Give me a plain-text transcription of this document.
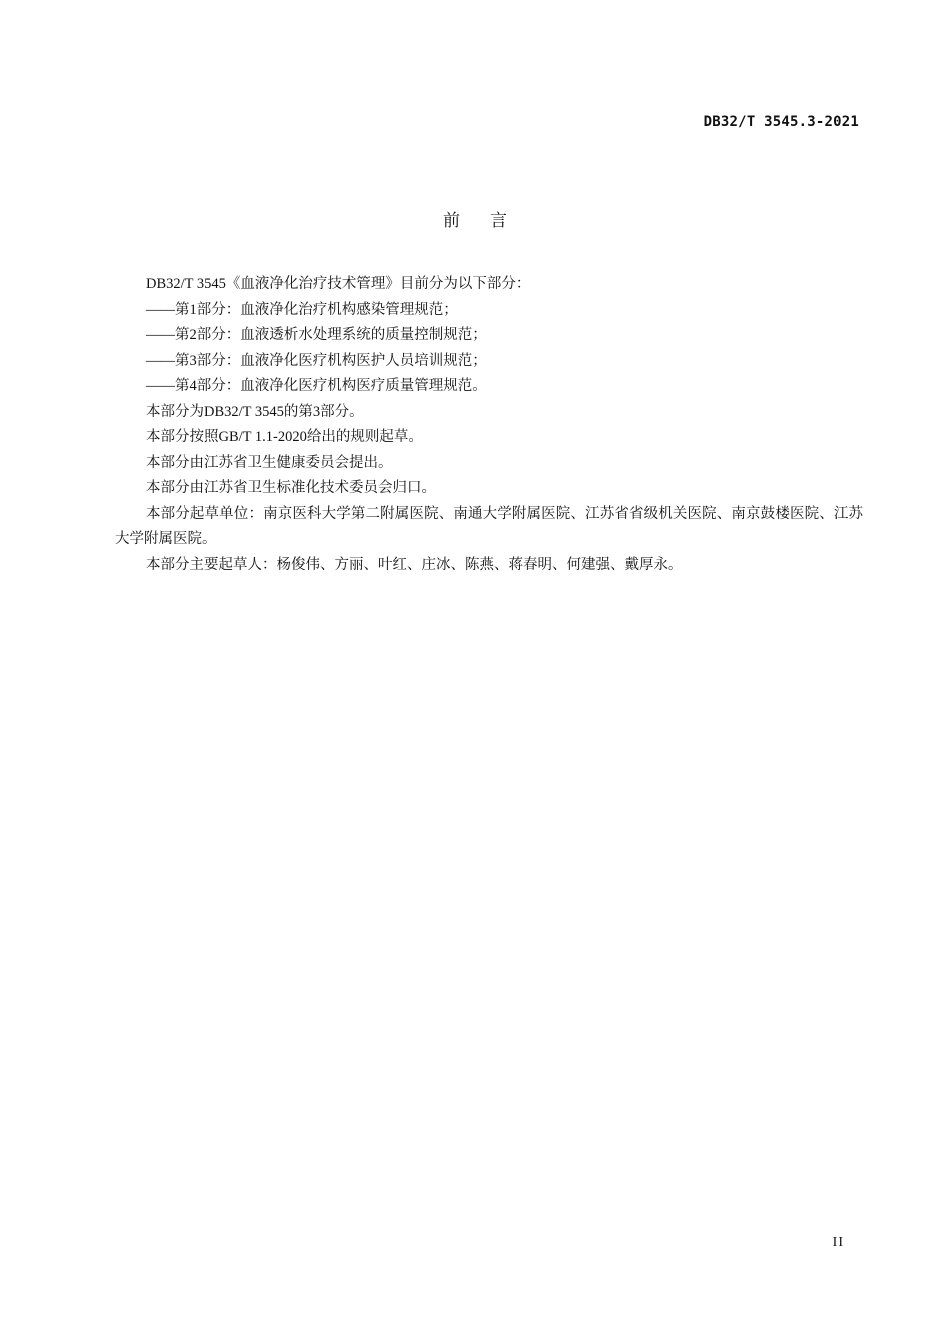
DB32/T 3545.3-2021
前言

DB32/T 3545《血液净化治疗技术管理》目前分为以下部分：

——第1部分：血液净化治疗机构感染管理规范；

——第2部分：血液透析水处理系统的质量控制规范；

——第3部分：血液净化医疗机构医护人员培训规范；

——第4部分：血液净化医疗机构医疗质量管理规范。

本部分为DB32/T 3545的第3部分。

本部分按照GB/T 1.1-2020给出的规则起草。

本部分由江苏省卫生健康委员会提出。

本部分由江苏省卫生标准化技术委员会归口。

本部分起草单位：南京医科大学第二附属医院、南通大学附属医院、江苏省省级机关医院、南京鼓楼医院、江苏大学附属医院。

本部分主要起草人：杨俊伟、方丽、叶红、庄冰、陈燕、蒋春明、何建强、戴厚永。

II
